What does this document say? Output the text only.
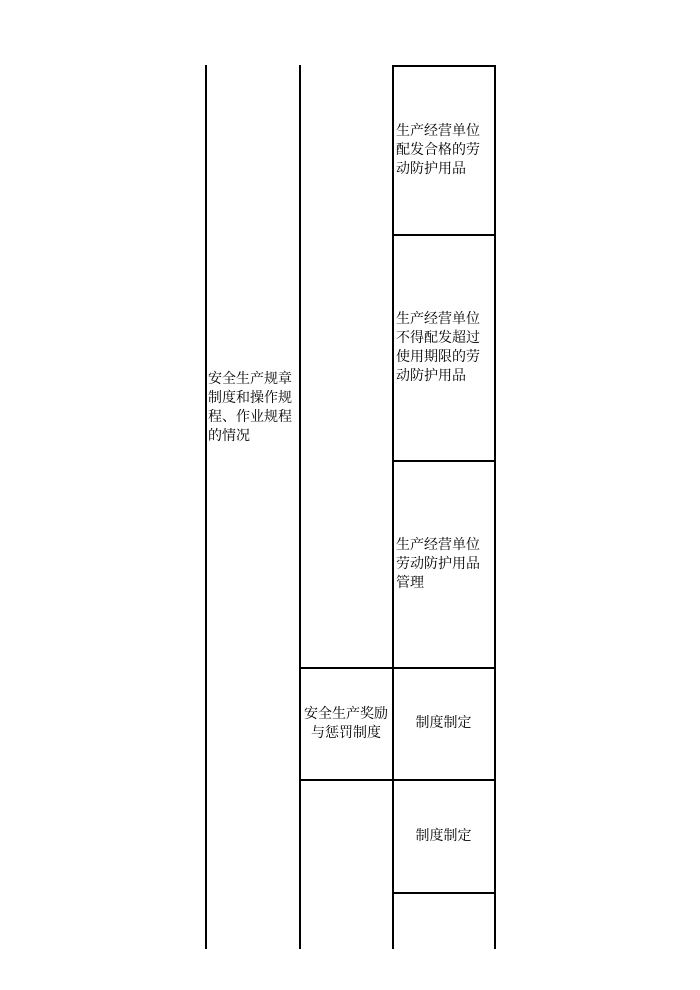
安全生产规章制度和操作规程、作业规程的情况
安全生产奖励与惩罚制度
生产经营单位配发合格的劳动防护用品
生产经营单位不得配发超过使用期限的劳动防护用品
生产经营单位劳动防护用品管理
制度制定
制度制定
